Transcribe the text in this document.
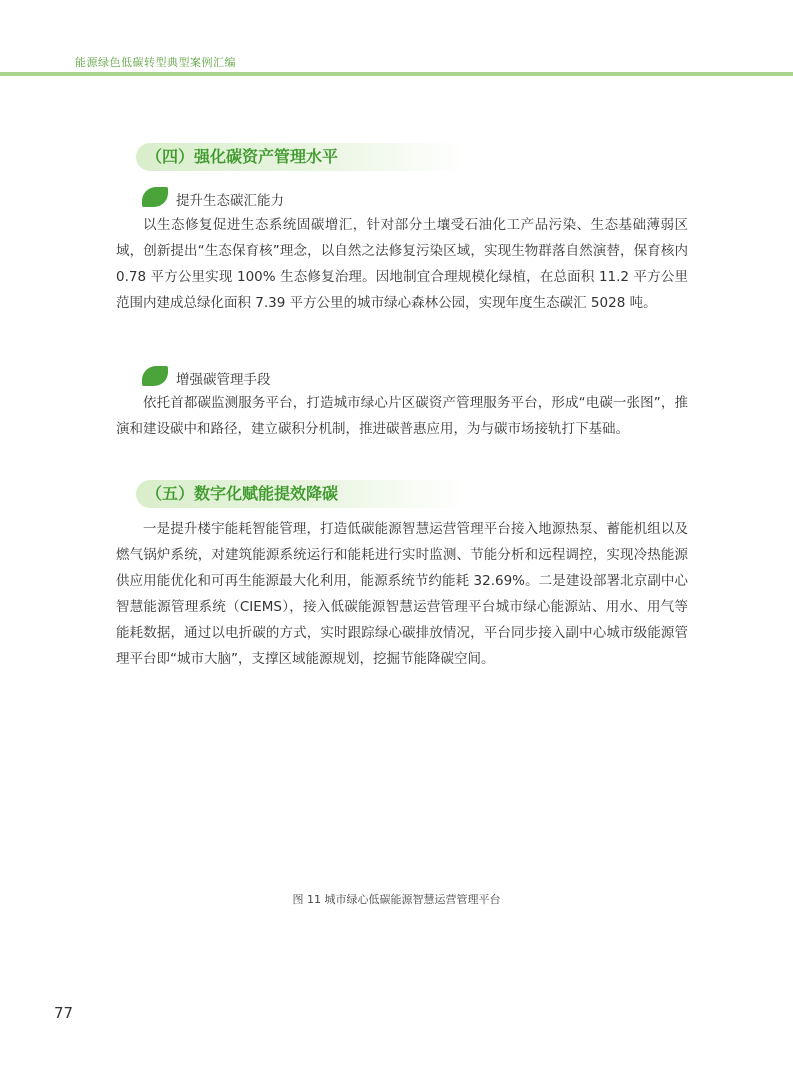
能源绿色低碳转型典型案例汇编
（四）强化碳资产管理水平
提升生态碳汇能力

以生态修复促进生态系统固碳增汇，针对部分土壤受石油化工产品污染、生态基础薄弱区域，创新提出“生态保育核”理念，以自然之法修复污染区域，实现生物群落自然演替，保育核内 0.78 平方公里实现 100% 生态修复治理。因地制宜合理规模化绿植，在总面积 11.2 平方公里范围内建成总绿化面积 7.39 平方公里的城市绿心森林公园，实现年度生态碳汇 5028 吨。

增强碳管理手段

依托首都碳监测服务平台，打造城市绿心片区碳资产管理服务平台，形成“电碳一张图”，推演和建设碳中和路径，建立碳积分机制，推进碳普惠应用，为与碳市场接轨打下基础。

（五）数字化赋能提效降碳

一是提升楼宇能耗智能管理，打造低碳能源智慧运营管理平台接入地源热泵、蓄能机组以及燃气锅炉系统，对建筑能源系统运行和能耗进行实时监测、节能分析和远程调控，实现冷热能源供应用能优化和可再生能源最大化利用，能源系统节约能耗 32.69%。二是建设部署北京副中心智慧能源管理系统（CIEMS），接入低碳能源智慧运营管理平台城市绿心能源站、用水、用气等能耗数据，通过以电折碳的方式，实时跟踪绿心碳排放情况，平台同步接入副中心城市级能源管理平台即“城市大脑”，支撑区域能源规划，挖掘节能降碳空间。

图 11 城市绿心低碳能源智慧运营管理平台
77
